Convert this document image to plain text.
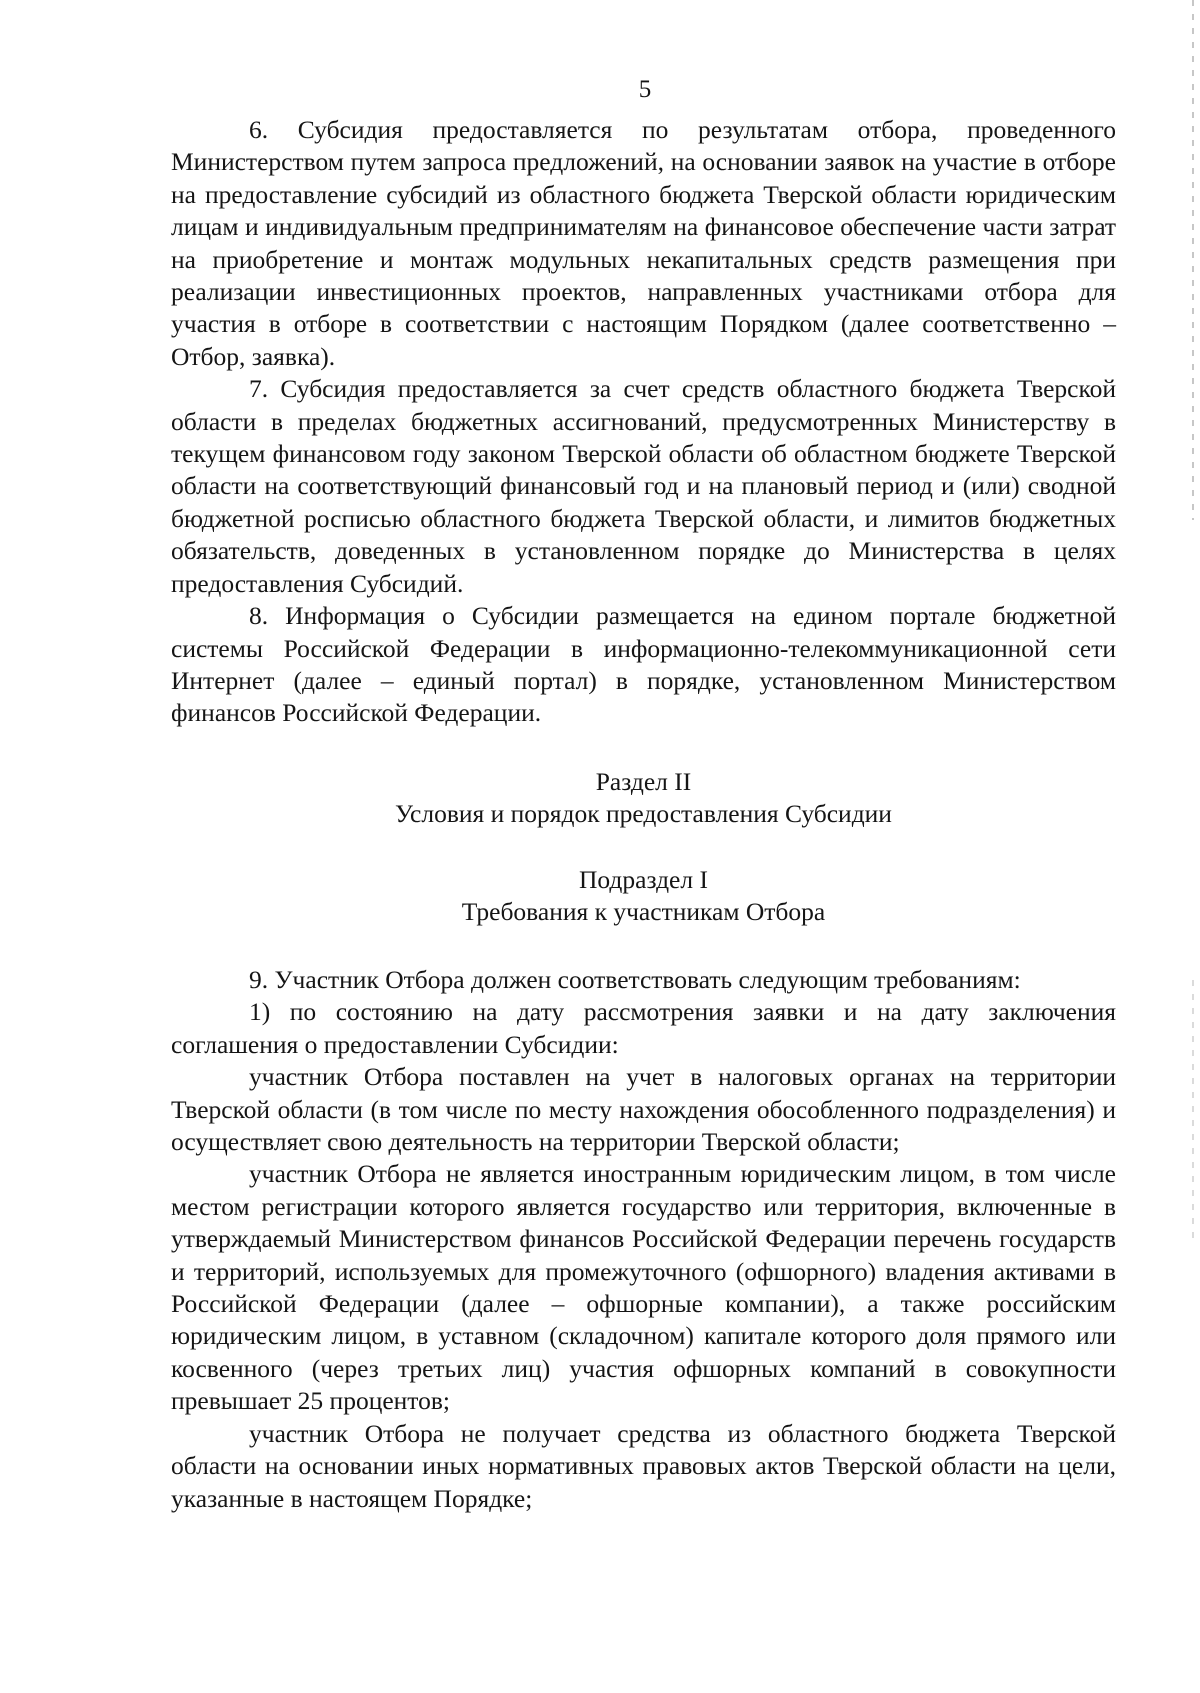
5

6. Субсидия предоставляется по результатам отбора, проведенного Министерством путем запроса предложений, на основании заявок на участие в отборе на предоставление субсидий из областного бюджета Тверской области юридическим лицам и индивидуальным предпринимателям на финансовое обеспечение части затрат на приобретение и монтаж модульных некапитальных средств размещения при реализации инвестиционных проектов, направленных участниками отбора для участия в отборе в соответствии с настоящим Порядком (далее соответственно – Отбор, заявка).

7. Субсидия предоставляется за счет средств областного бюджета Тверской области в пределах бюджетных ассигнований, предусмотренных Министерству в текущем финансовом году законом Тверской области об областном бюджете Тверской области на соответствующий финансовый год и на плановый период и (или) сводной бюджетной росписью областного бюджета Тверской области, и лимитов бюджетных обязательств, доведенных в установленном порядке до Министерства в целях предоставления Субсидий.

8. Информация о Субсидии размещается на едином портале бюджетной системы Российской Федерации в информационно-телекоммуникационной сети Интернет (далее – единый портал) в порядке, установленном Министерством финансов Российской Федерации.

Раздел II
Условия и порядок предоставления Субсидии
Подраздел I
Требования к участникам Отбора

9. Участник Отбора должен соответствовать следующим требованиям:

1) по состоянию на дату рассмотрения заявки и на дату заключения соглашения о предоставлении Субсидии:

участник Отбора поставлен на учет в налоговых органах на территории Тверской области (в том числе по месту нахождения обособленного подразделения) и осуществляет свою деятельность на территории Тверской области;

участник Отбора не является иностранным юридическим лицом, в том числе местом регистрации которого является государство или территория, включенные в утверждаемый Министерством финансов Российской Федерации перечень государств и территорий, используемых для промежуточного (офшорного) владения активами в Российской Федерации (далее – офшорные компании), а также российским юридическим лицом, в уставном (складочном) капитале которого доля прямого или косвенного (через третьих лиц) участия офшорных компаний в совокупности превышает 25 процентов;

участник Отбора не получает средства из областного бюджета Тверской области на основании иных нормативных правовых актов Тверской области на цели, указанные в настоящем Порядке;
